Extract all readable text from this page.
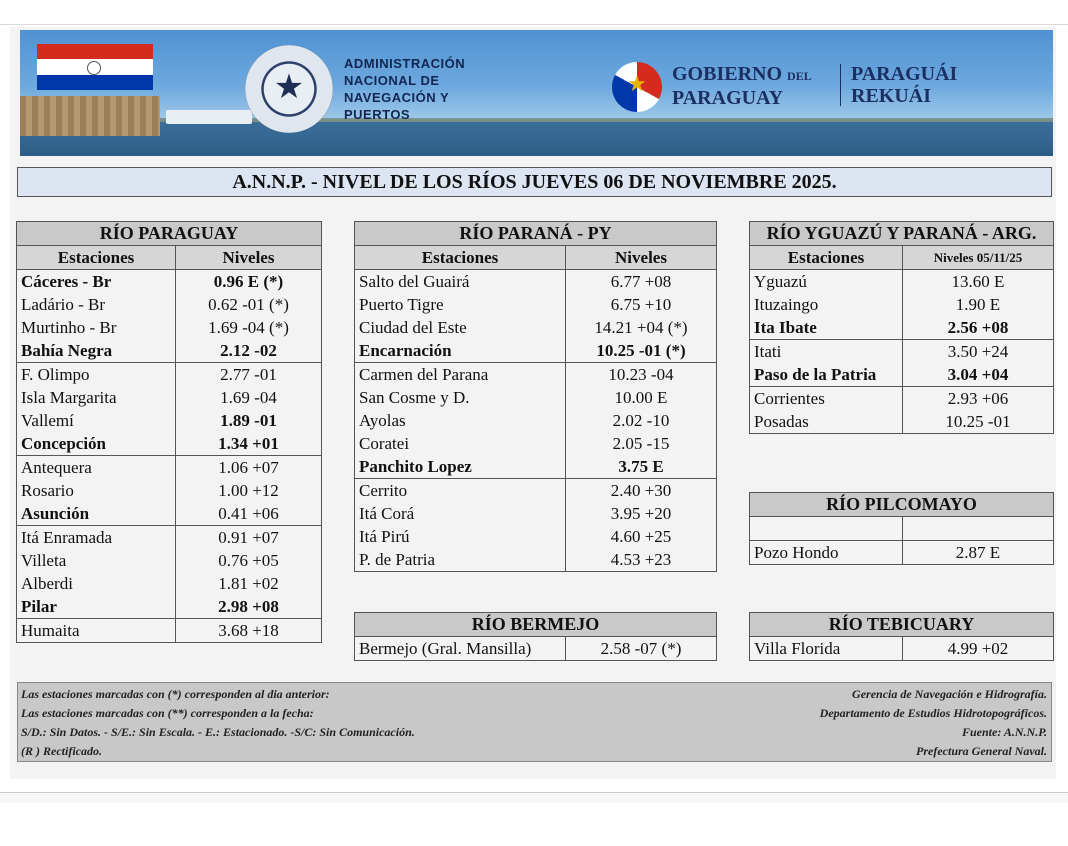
★
ADMINISTRACIÓN
NACIONAL DE
NAVEGACIÓN Y
PUERTOS
★	GOBIERNO DEL
PARAGUAY
PARAGUÁI
REKUÁI
A.N.N.P. - NIVEL DE LOS RÍOS JUEVES 06 DE NOVIEMBRE 2025.
RÍO PARAGUAY	
Estaciones	Niveles
Cáceres - Br	0.96 E (*)
Ladário - Br	0.62 -01 (*)
Murtinho - Br	1.69 -04 (*)
Bahía Negra	2.12 -02
F. Olimpo	2.77 -01
Isla Margarita	1.69 -04
Vallemí	1.89 -01
Concepción	1.34 +01
Antequera	1.06 +07
Rosario	1.00 +12
Asunción	0.41 +06
Itá Enramada	0.91 +07
Villeta	0.76 +05
Alberdi	1.81 +02
Pilar	2.98 +08
Humaita	3.68 +18
RÍO PARANÁ - PY	
Estaciones	Niveles
Salto del Guairá	6.77 +08
Puerto Tigre	6.75 +10
Ciudad del Este	14.21 +04 (*)
Encarnación	10.25 -01 (*)
Carmen del Parana	10.23 -04
San Cosme y D.	10.00 E
Ayolas	2.02 -10
Coratei	2.05 -15
Panchito Lopez	3.75 E
Cerrito	2.40 +30
Itá Corá	3.95 +20
Itá Pirú	4.60 +25
P. de Patria	4.53 +23
RÍO BERMEJO
Bermejo (Gral. Mansilla)	2.58 -07 (*)
RÍO YGUAZÚ Y PARANÁ - ARG.	
Estaciones	Niveles 05/11/25
Yguazú	13.60 E
Ituzaingo	1.90 E
Ita Ibate	2.56 +08
Itati	3.50 +24
Paso de la Patria	3.04 +04
Corrientes	2.93 +06
Posadas	10.25 -01
RÍO PILCOMAYO	

Pozo Hondo	2.87 E
RÍO TEBICUARY
Villa Florida	4.99 +02
Las estaciones marcadas con (*) corresponden al dia anterior:
Las estaciones marcadas con (**) corresponden a la fecha:
S/D.: Sin Datos. - S/E.: Sin Escala. - E.: Estacionado. -S/C: Sin Comunicación.
(R ) Rectificado.
Gerencia de Navegación e Hidrografía.
Departamento de Estudios Hidrotopográficos.
Fuente: A.N.N.P.
Prefectura General Naval.
